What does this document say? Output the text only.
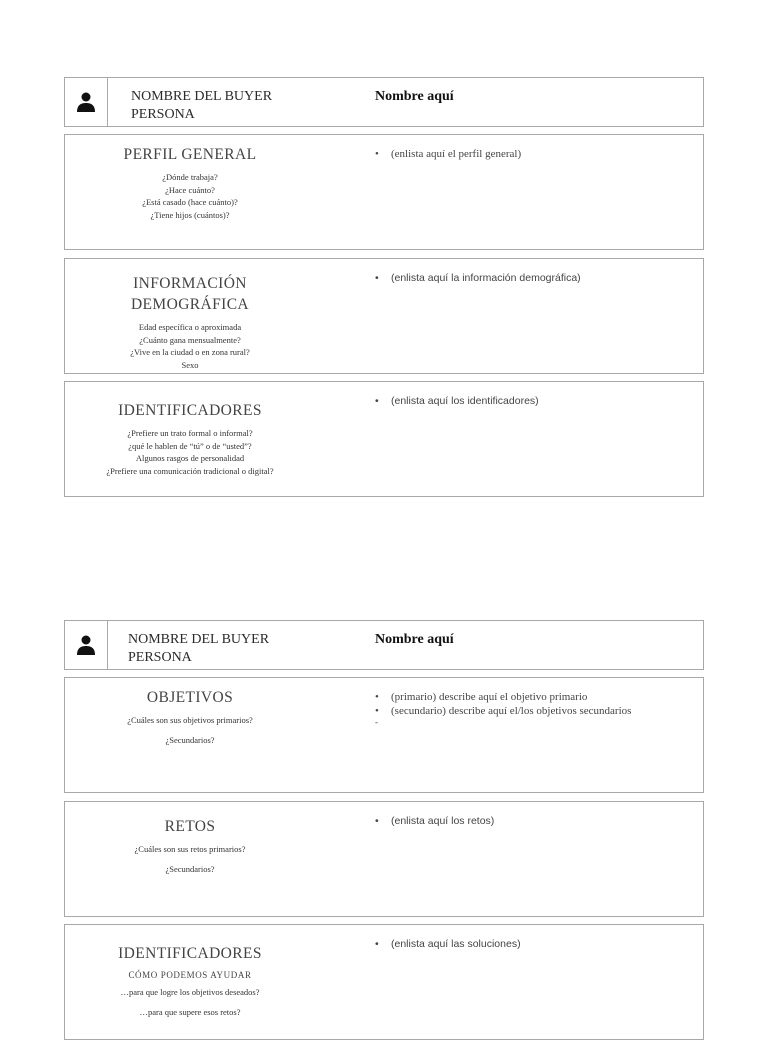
NOMBRE DEL BUYER PERSONA
Nombre aquí
PERFIL GENERAL
¿Dónde trabaja?
¿Hace cuánto?
¿Está casado (hace cuánto)?
¿Tiene hijos (cuántos)?
• (enlista aquí el perfil general)
INFORMACIÓN
DEMOGRÁFICA
Edad específica o aproximada
¿Cuánto gana mensualmente?
¿Vive en la ciudad o en zona rural?
Sexo
• (enlista aquí la información demográfica)
IDENTIFICADORES
¿Prefiere un trato formal o informal?
¿qué le hablen de “tú” o de “usted”?
Algunos rasgos de personalidad
¿Prefiere una comunicación tradicional o digital?
• (enlista aquí los identificadores)
NOMBRE DEL BUYER PERSONA
Nombre aquí
OBJETIVOS
¿Cuáles son sus objetivos primarios?
¿Secundarios?
• (primario) describe aquí el objetivo primario
• (secundario) describe aquí el/los objetivos secundarios
-
RETOS
¿Cuáles son sus retos primarios?
¿Secundarios?
• (enlista aquí los retos)
IDENTIFICADORES
CÓMO PODEMOS AYUDAR
…para que logre los objetivos deseados?
…para que supere esos retos?
• (enlista aquí las soluciones)
